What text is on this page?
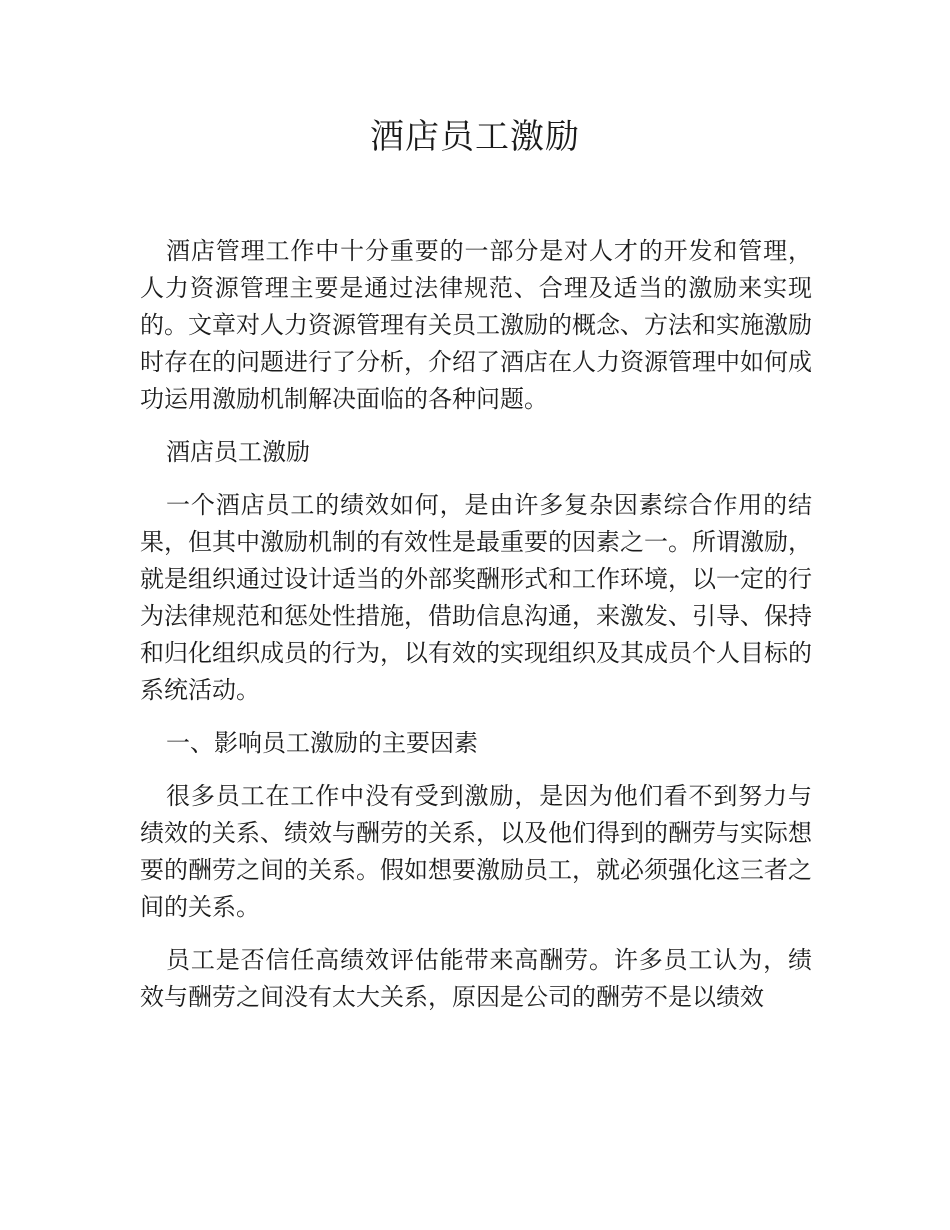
酒店员工激励

酒店管理工作中十分重要的一部分是对人才的开发和管理，人力资源管理主要是通过法律规范、合理及适当的激励来实现的。文章对人力资源管理有关员工激励的概念、方法和实施激励时存在的问题进行了分析，介绍了酒店在人力资源管理中如何成功运用激励机制解决面临的各种问题。

酒店员工激励

一个酒店员工的绩效如何，是由许多复杂因素综合作用的结果，但其中激励机制的有效性是最重要的因素之一。所谓激励，就是组织通过设计适当的外部奖酬形式和工作环境，以一定的行为法律规范和惩处性措施，借助信息沟通，来激发、引导、保持和归化组织成员的行为，以有效的实现组织及其成员个人目标的系统活动。

一、影响员工激励的主要因素

很多员工在工作中没有受到激励，是因为他们看不到努力与绩效的关系、绩效与酬劳的关系，以及他们得到的酬劳与实际想要的酬劳之间的关系。假如想要激励员工，就必须强化这三者之间的关系。

员工是否信任高绩效评估能带来高酬劳。许多员工认为，绩效与酬劳之间没有太大关系，原因是公司的酬劳不是以绩效
